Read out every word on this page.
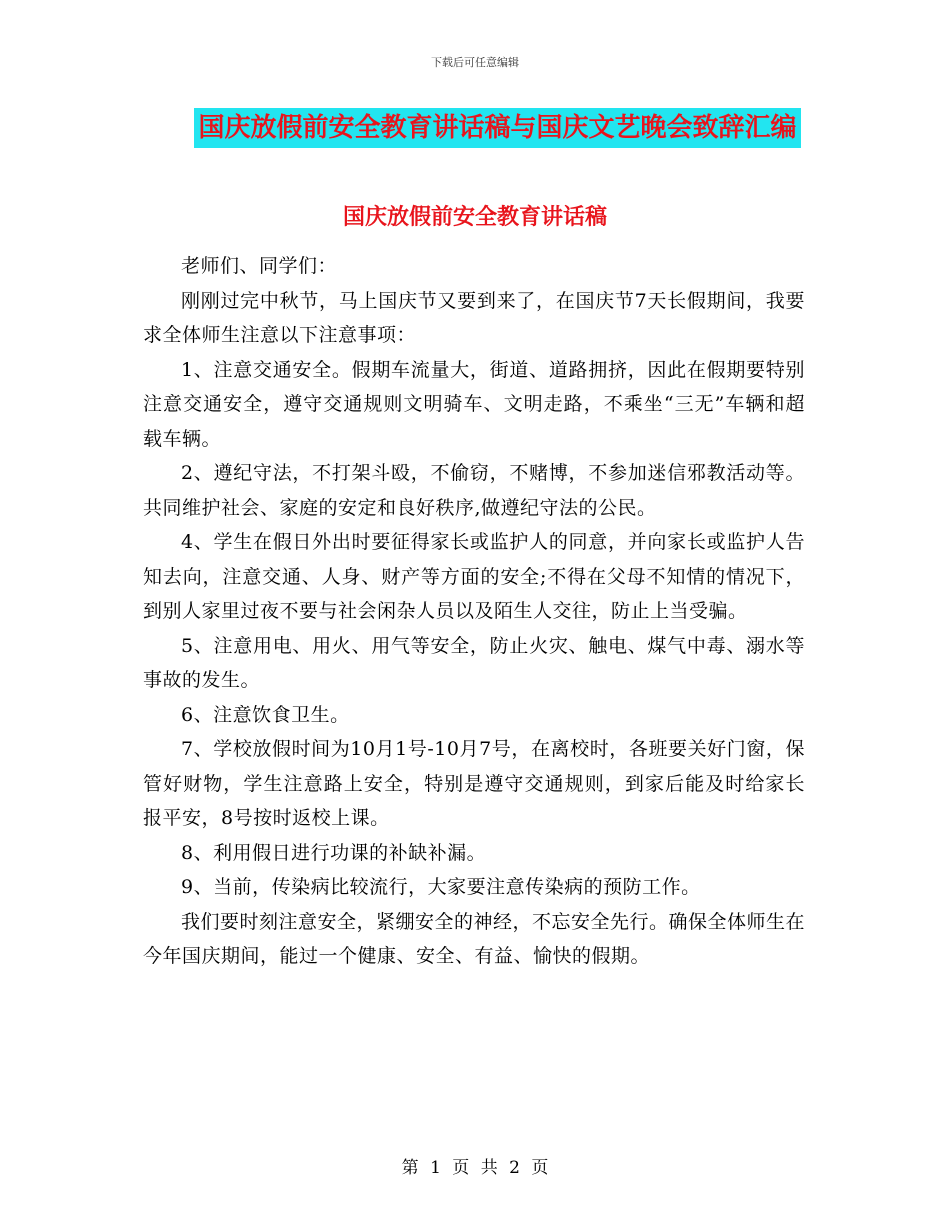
下载后可任意编辑
国庆放假前安全教育讲话稿与国庆文艺晚会致辞汇编
国庆放假前安全教育讲话稿

老师们、同学们：

刚刚过完中秋节，马上国庆节又要到来了，在国庆节7天长假期间，我要求全体师生注意以下注意事项：

1、注意交通安全。假期车流量大，街道、道路拥挤，因此在假期要特别注意交通安全，遵守交通规则文明骑车、文明走路，不乘坐“三无”车辆和超载车辆。

2、遵纪守法，不打架斗殴，不偷窃，不赌博，不参加迷信邪教活动等。共同维护社会、家庭的安定和良好秩序,做遵纪守法的公民。

4、学生在假日外出时要征得家长或监护人的同意，并向家长或监护人告知去向，注意交通、人身、财产等方面的安全;不得在父母不知情的情况下，到别人家里过夜不要与社会闲杂人员以及陌生人交往，防止上当受骗。

5、注意用电、用火、用气等安全，防止火灾、触电、煤气中毒、溺水等事故的发生。

6、注意饮食卫生。

7、学校放假时间为10月1号-10月7号，在离校时，各班要关好门窗，保管好财物，学生注意路上安全，特别是遵守交通规则，到家后能及时给家长报平安，8号按时返校上课。

8、利用假日进行功课的补缺补漏。

9、当前，传染病比较流行，大家要注意传染病的预防工作。

我们要时刻注意安全，紧绷安全的神经，不忘安全先行。确保全体师生在今年国庆期间，能过一个健康、安全、有益、愉快的假期。

第 1 页 共 2 页
